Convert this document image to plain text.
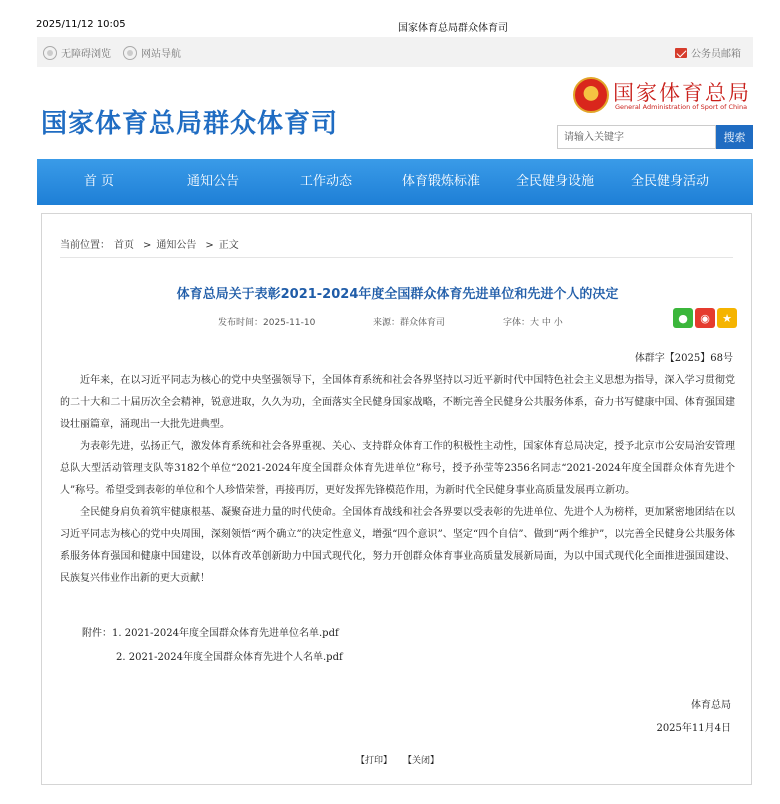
2025/11/12 10:05	国家体育总局群众体育司
无障碍浏览	网站导航	公务员邮箱
国家体育总局群众体育司
国家体育总局
General Administration of Sport of China
请输入关键字
搜索
首 页	通知公告	工作动态	体育锻炼标准	全民健身设施	全民健身活动
当前位置： 首页 > 通知公告 > 正文
体育总局关于表彰2021-2024年度全国群众体育先进单位和先进个人的决定
发布时间：2025-11-10	来源：群众体育司	字体：大 中 小	●	◉	★
体群字【2025】68号

近年来，在以习近平同志为核心的党中央坚强领导下，全国体育系统和社会各界坚持以习近平新时代中国特色社会主义思想为指导，深入学习贯彻党的二十大和二十届历次全会精神，锐意进取，久久为功，全面落实全民健身国家战略，不断完善全民健身公共服务体系，奋力书写健康中国、体育强国建设壮丽篇章，涌现出一大批先进典型。

为表彰先进，弘扬正气，激发体育系统和社会各界重视、关心、支持群众体育工作的积极性主动性，国家体育总局决定，授予北京市公安局治安管理总队大型活动管理支队等3182个单位“2021-2024年度全国群众体育先进单位”称号，授予孙莹等2356名同志“2021-2024年度全国群众体育先进个人”称号。希望受到表彰的单位和个人珍惜荣誉，再接再厉，更好发挥先锋模范作用，为新时代全民健身事业高质量发展再立新功。

全民健身肩负着筑牢健康根基、凝聚奋进力量的时代使命。全国体育战线和社会各界要以受表彰的先进单位、先进个人为榜样，更加紧密地团结在以习近平同志为核心的党中央周围，深刻领悟“两个确立”的决定性意义，增强“四个意识”、坚定“四个自信”、做到“两个维护”，以完善全民健身公共服务体系服务体育强国和健康中国建设，以体育改革创新助力中国式现代化，努力开创群众体育事业高质量发展新局面，为以中国式现代化全面推进强国建设、民族复兴伟业作出新的更大贡献！

附件：1. 2021-2024年度全国群众体育先进单位名单.pdf
2. 2021-2024年度全国群众体育先进个人名单.pdf
体育总局
2025年11月4日
【打印】 【关闭】
